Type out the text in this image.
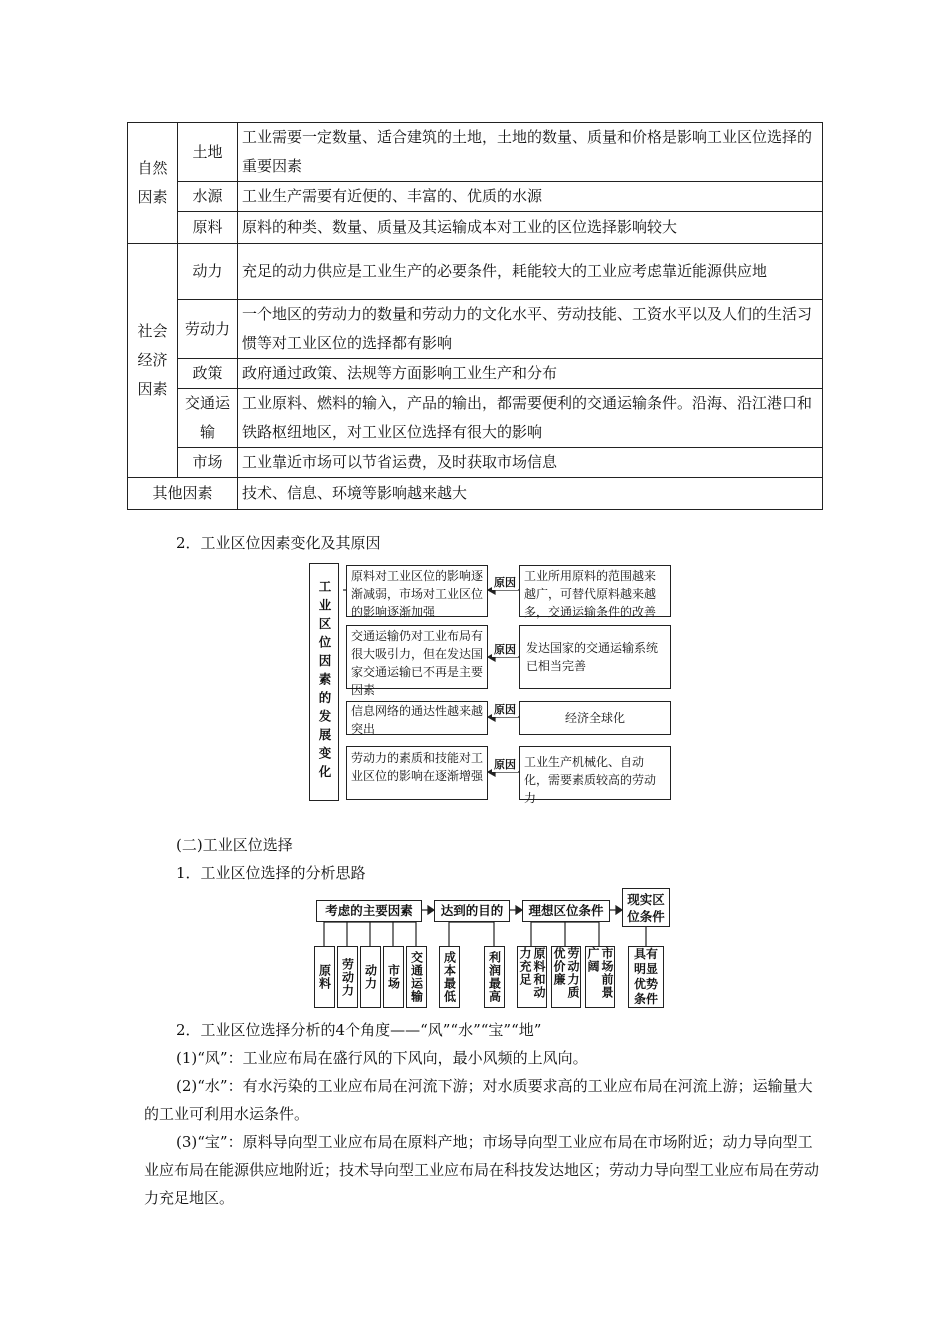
自然因素	土地	工业需要一定数量、适合建筑的土地，土地的数量、质量和价格是影响工业区位选择的重要因素
	水源	工业生产需要有近便的、丰富的、优质的水源
	原料	原料的种类、数量、质量及其运输成本对工业的区位选择影响较大
社会经济因素	动力	充足的动力供应是工业生产的必要条件，耗能较大的工业应考虑靠近能源供应地
	劳动力	一个地区的劳动力的数量和劳动力的文化水平、劳动技能、工资水平以及人们的生活习惯等对工业区位的选择都有影响
	政策	政府通过政策、法规等方面影响工业生产和分布
	交通运输	工业原料、燃料的输入，产品的输出，都需要便利的交通运输条件。沿海、沿江港口和铁路枢纽地区，对工业区位选择有很大的影响
	市场	工业靠近市场可以节省运费，及时获取市场信息
其他因素		技术、信息、环境等影响越来越大
2．工业区位因素变化及其原因
工业区位因素的发展变化
原料对工业区位的影响逐渐减弱，市场对工业区位的影响逐渐加强
交通运输仍对工业布局有很大吸引力，但在发达国家交通运输已不再是主要因素
信息网络的通达性越来越突出
劳动力的素质和技能对工业区位的影响在逐渐增强
原因
原因
原因
原因
工业所用原料的范围越来越广，可替代原料越来越多，交通运输条件的改善
发达国家的交通运输系统已相当完善
经济全球化
工业生产机械化、自动化，需要素质较高的劳动力
(二)工业区位选择
1．工业区位选择的分析思路
考虑的主要因素	达到的目的	理想区位条件
现实区位条件
原料 劳动力 动力 市场 交通运输 成本最低	利润最高	原料和动力充足	劳动力质优价廉	市场前景广阔	具有明显优势条件
2．工业区位选择分析的4个角度——“风”“水”“宝”“地”
(1)“风”：工业应布局在盛行风的下风向，最小风频的上风向。
(2)“水”：有水污染的工业应布局在河流下游；对水质要求高的工业应布局在河流上游；运输量大的工业可利用水运条件。
(3)“宝”：原料导向型工业应布局在原料产地；市场导向型工业应布局在市场附近；动力导向型工业应布局在能源供应地附近；技术导向型工业应布局在科技发达地区；劳动力导向型工业应布局在劳动力充足地区。
